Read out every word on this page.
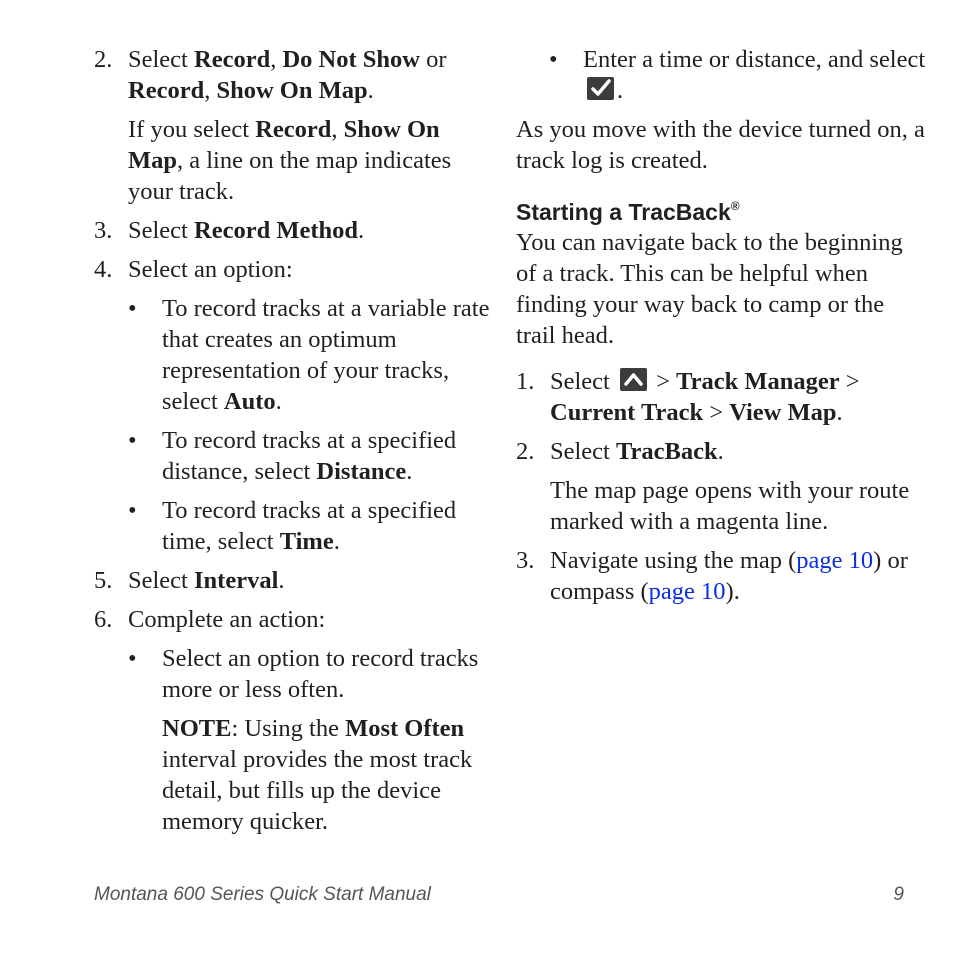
2. Select Record, Do Not Show or Record, Show On Map.

If you select Record, Show On Map, a line on the map indicates your track.

3. Select Record Method.

4. Select an option:

• To record tracks at a variable rate that creates an optimum representation of your tracks, select Auto.

• To record tracks at a specified distance, select Distance.

• To record tracks at a specified time, select Time.

5. Select Interval.

6. Complete an action:

• Select an option to record tracks more or less often.

NOTE: Using the Most Often interval provides the most track detail, but fills up the device memory quicker.

• Enter a time or distance, and select
.

As you move with the device turned on, a track log is created.

Starting a TracBack®

You can navigate back to the beginning of a track. This can be helpful when finding your way back to camp or the trail head.

1. Select
> Track Manager > Current Track > View Map.

2. Select TracBack.

The map page opens with your route marked with a magenta line.

3. Navigate using the map (page 10) or compass (page 10).

Montana 600 Series Quick Start Manual	9
